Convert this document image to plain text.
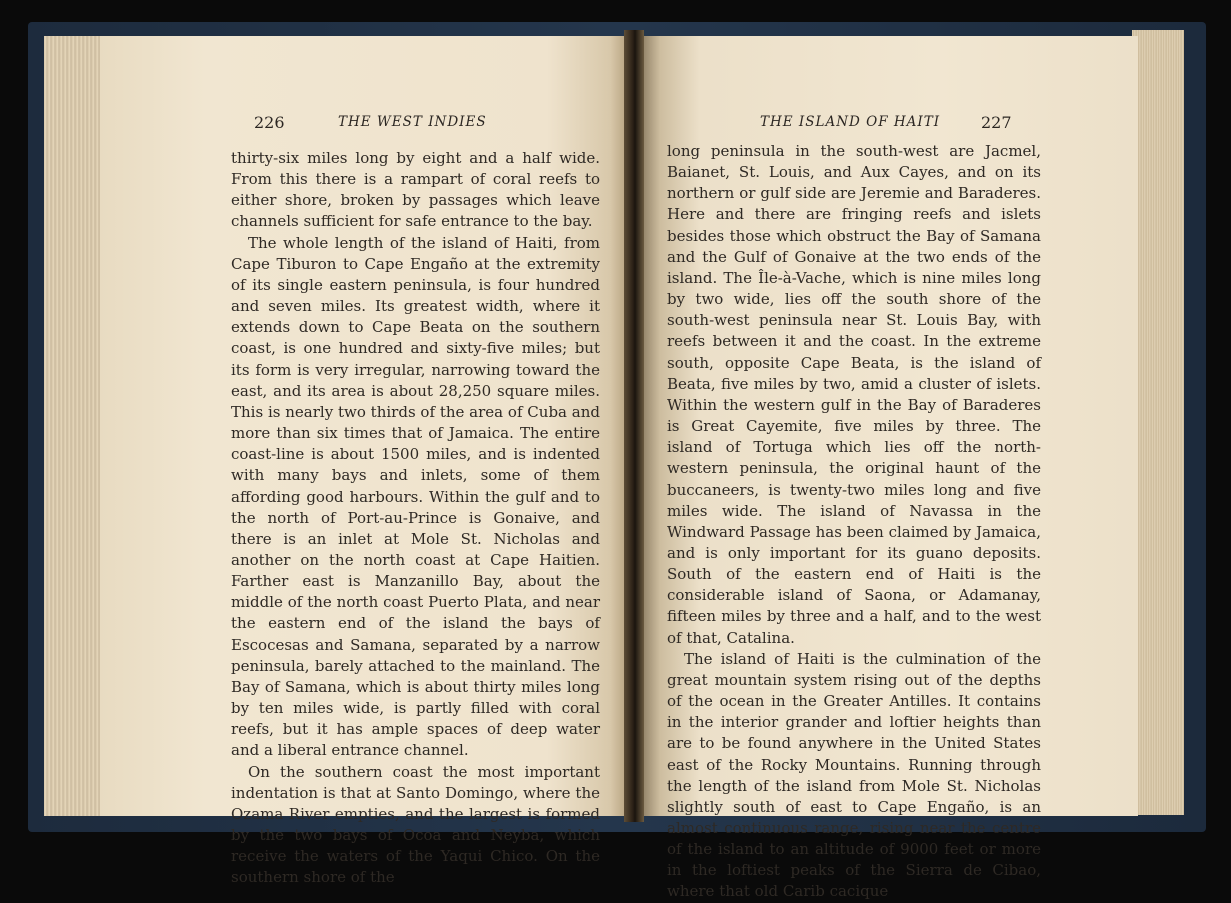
226	THE WEST INDIES	THE ISLAND OF HAITI	227

thirty-six miles long by eight and a half wide. From this there is a rampart of coral reefs to either shore, broken by passages which leave channels sufficient for safe entrance to the bay.

The whole length of the island of Haiti, from Cape Tiburon to Cape Engaño at the extremity of its single eastern peninsula, is four hundred and seven miles. Its greatest width, where it extends down to Cape Beata on the southern coast, is one hundred and sixty-five miles; but its form is very irregular, narrowing toward the east, and its area is about 28,250 square miles. This is nearly two thirds of the area of Cuba and more than six times that of Jamaica. The entire coast-line is about 1500 miles, and is indented with many bays and inlets, some of them affording good harbours. Within the gulf and to the north of Port-au-Prince is Gonaive, and there is an inlet at Mole St. Nicholas and another on the north coast at Cape Haitien. Farther east is Manzanillo Bay, about the middle of the north coast Puerto Plata, and near the eastern end of the island the bays of Escocesas and Samana, separated by a narrow peninsula, barely attached to the mainland. The Bay of Samana, which is about thirty miles long by ten miles wide, is partly filled with coral reefs, but it has ample spaces of deep water and a liberal entrance channel.

On the southern coast the most important indentation is that at Santo Domingo, where the Ozama River empties, and the largest is formed by the two bays of Ocoa and Neyba, which receive the waters of the Yaqui Chico. On the southern shore of the

long peninsula in the south-west are Jacmel, Baianet, St. Louis, and Aux Cayes, and on its northern or gulf side are Jeremie and Baraderes. Here and there are fringing reefs and islets besides those which obstruct the Bay of Samana and the Gulf of Gonaive at the two ends of the island. The Île-à-Vache, which is nine miles long by two wide, lies off the south shore of the south-west peninsula near St. Louis Bay, with reefs between it and the coast. In the extreme south, opposite Cape Beata, is the island of Beata, five miles by two, amid a cluster of islets. Within the western gulf in the Bay of Baraderes is Great Cayemite, five miles by three. The island of Tortuga which lies off the north-western peninsula, the original haunt of the buccaneers, is twenty-two miles long and five miles wide. The island of Navassa in the Windward Passage has been claimed by Jamaica, and is only important for its guano deposits. South of the eastern end of Haiti is the considerable island of Saona, or Adamanay, fifteen miles by three and a half, and to the west of that, Catalina.

The island of Haiti is the culmination of the great mountain system rising out of the depths of the ocean in the Greater Antilles. It contains in the interior grander and loftier heights than are to be found anywhere in the United States east of the Rocky Mountains. Running through the length of the island from Mole St. Nicholas slightly south of east to Cape Engaño, is an almost continuous range, rising near the centre of the island to an altitude of 9000 feet or more in the loftiest peaks of the Sierra de Cibao, where that old Carib cacique
